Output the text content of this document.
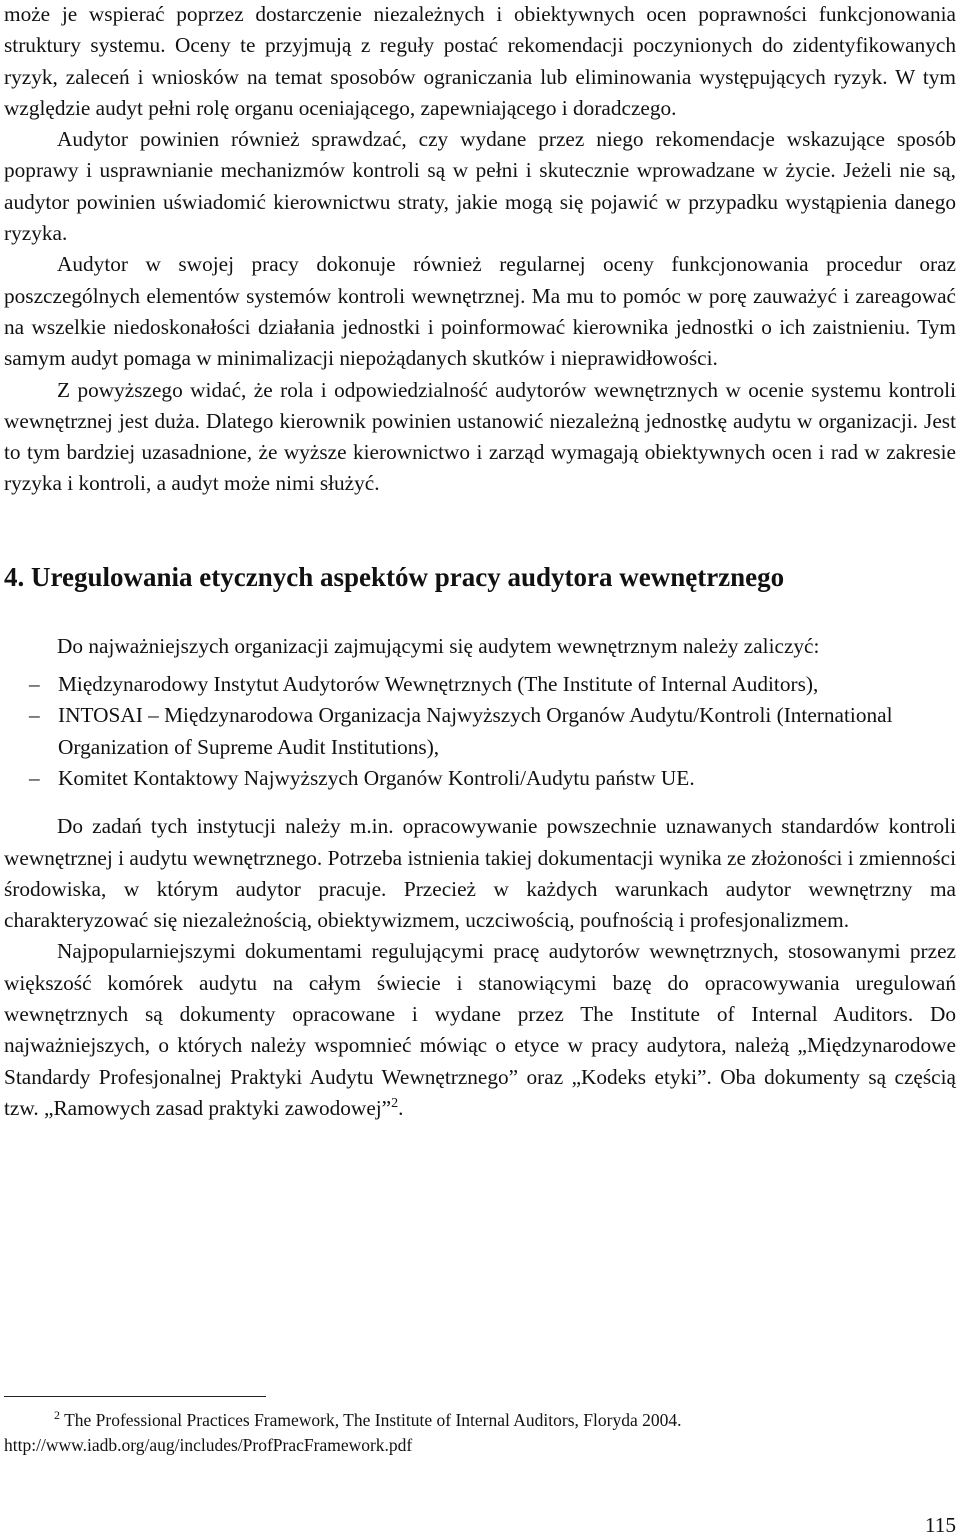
może je wspierać poprzez dostarczenie niezależnych i obiektywnych ocen poprawności funkcjonowania struktury systemu. Oceny te przyjmują z reguły postać rekomendacji poczynionych do zidentyfikowanych ryzyk, zaleceń i wniosków na temat sposobów ograniczania lub eliminowania występujących ryzyk. W tym względzie audyt pełni rolę organu oceniającego, zapewniającego i doradczego.

Audytor powinien również sprawdzać, czy wydane przez niego rekomendacje wskazujące sposób poprawy i usprawnianie mechanizmów kontroli są w pełni i skutecznie wprowadzane w życie. Jeżeli nie są, audytor powinien uświadomić kierownictwu straty, jakie mogą się pojawić w przypadku wystąpienia danego ryzyka.

Audytor w swojej pracy dokonuje również regularnej oceny funkcjonowania procedur oraz poszczególnych elementów systemów kontroli wewnętrznej. Ma mu to pomóc w porę zauważyć i zareagować na wszelkie niedoskonałości działania jednostki i poinformować kierownika jednostki o ich zaistnieniu. Tym samym audyt pomaga w minimalizacji niepożądanych skutków i nieprawidłowości.

Z powyższego widać, że rola i odpowiedzialność audytorów wewnętrznych w ocenie systemu kontroli wewnętrznej jest duża. Dlatego kierownik powinien ustanowić niezależną jednostkę audytu w organizacji. Jest to tym bardziej uzasadnione, że wyższe kierownictwo i zarząd wymagają obiektywnych ocen i rad w zakresie ryzyka i kontroli, a audyt może nimi służyć.

4. Uregulowania etycznych aspektów pracy audytora wewnętrznego

Do najważniejszych organizacji zajmującymi się audytem wewnętrznym należy zaliczyć:

– Międzynarodowy Instytut Audytorów Wewnętrznych (The Institute of Internal Auditors),
– INTOSAI – Międzynarodowa Organizacja Najwyższych Organów Audytu/Kontroli (International Organization of Supreme Audit Institutions),
– Komitet Kontaktowy Najwyższych Organów Kontroli/Audytu państw UE.

Do zadań tych instytucji należy m.in. opracowywanie powszechnie uznawanych standardów kontroli wewnętrznej i audytu wewnętrznego. Potrzeba istnienia takiej dokumentacji wynika ze złożoności i zmienności środowiska, w którym audytor pracuje. Przecież w każdych warunkach audytor wewnętrzny ma charakteryzować się niezależnością, obiektywizmem, uczciwością, poufnością i profesjonalizmem.

Najpopularniejszymi dokumentami regulującymi pracę audytorów wewnętrznych, stosowanymi przez większość komórek audytu na całym świecie i stanowiącymi bazę do opracowywania uregulowań wewnętrznych są dokumenty opracowane i wydane przez The Institute of Internal Auditors. Do najważniejszych, o których należy wspomnieć mówiąc o etyce w pracy audytora, należą „Międzynarodowe Standardy Profesjonalnej Praktyki Audytu Wewnętrznego” oraz „Kodeks etyki”. Oba dokumenty są częścią tzw. „Ramowych zasad praktyki zawodowej”$^2$.

$^2$ The Professional Practices Framework, The Institute of Internal Auditors, Floryda 2004.
http://www.iadb.org/aug/includes/ProfPracFramework.pdf

115
